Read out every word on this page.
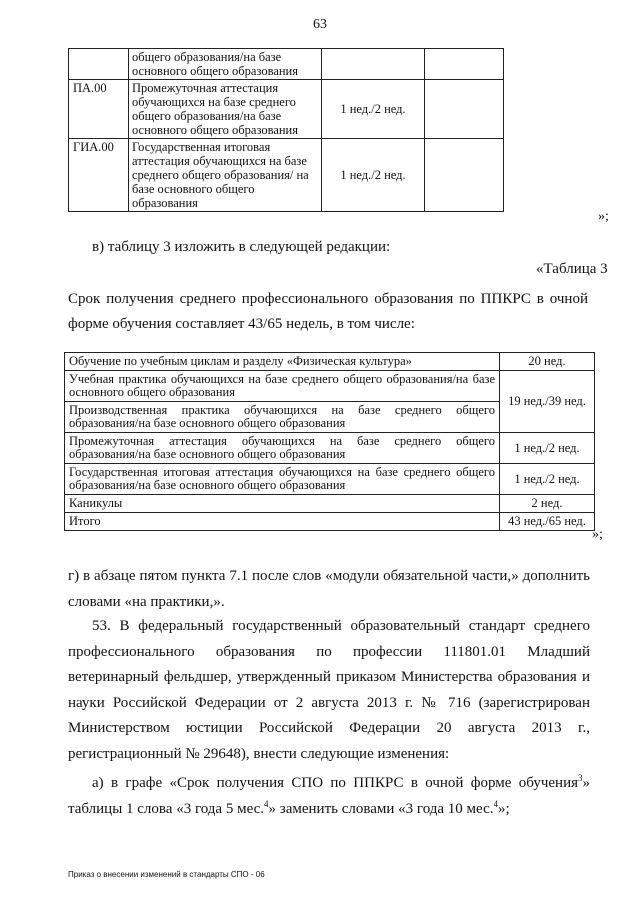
63
	общего образования/на базе основного общего образования		
ПА.00	Промежуточная аттестация обучающихся на базе среднего общего образования/на базе основного общего образования	1 нед./2 нед.	
ГИА.00	Государственная итоговая аттестация обучающихся на базе среднего общего образования/ на базе основного общего образования	1 нед./2 нед.	
»;
в) таблицу 3 изложить в следующей редакции:
«Таблица 3
Срок получения среднего профессионального образования по ППКРС в очной форме обучения составляет 43/65 недель, в том числе:
Обучение по учебным циклам и разделу «Физическая культура»	20 нед.
Учебная практика обучающихся на базе среднего общего образования/на базе основного общего образования	19 нед./39 нед.
Производственная практика обучающихся на базе среднего общего образования/на базе основного общего образования	
Промежуточная аттестация обучающихся на базе среднего общего образования/на базе основного общего образования	1 нед./2 нед.
Государственная итоговая аттестация обучающихся на базе среднего общего образования/на базе основного общего образования	1 нед./2 нед.
Каникулы	2 нед.
Итого	43 нед./65 нед.
»;
г) в абзаце пятом пункта 7.1 после слов «модули обязательной части,» дополнить словами «на практики,».
53. В федеральный государственный образовательный стандарт среднего профессионального образования по профессии 111801.01 Младший ветеринарный фельдшер, утвержденный приказом Министерства образования и науки Российской Федерации от 2 августа 2013 г. № 716 (зарегистрирован Министерством юстиции Российской Федерации 20 августа 2013 г., регистрационный № 29648), внести следующие изменения:
а) в графе «Срок получения СПО по ППКРС в очной форме обучения$^3$» таблицы 1 слова «3 года 5 мес.$^4$» заменить словами «3 года 10 мес.$^4$»;
Приказ о внесении изменений в стандарты СПО - 06
